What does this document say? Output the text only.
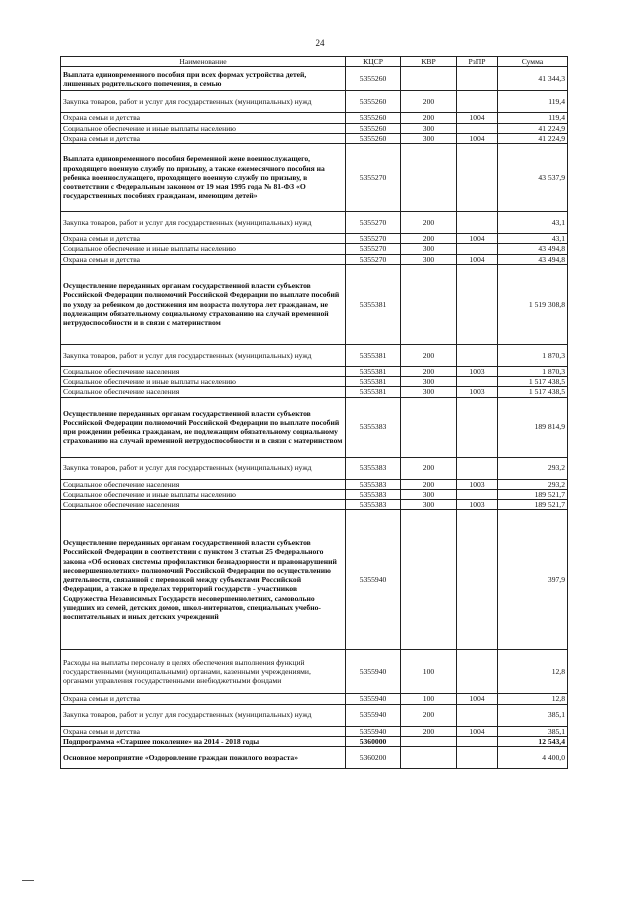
24
Наименование	КЦСР	КВР	РзПР	Сумма
Выплата единовременного пособия при всех формах устройства детей, лишенных родительского попечения, в семью	5355260			41 344,3
Закупка товаров, работ и услуг для государственных (муниципальных) нужд	5355260	200		119,4
Охрана семьи и детства	5355260	200	1004	119,4
Социальное обеспечение и иные выплаты населению	5355260	300		41 224,9
Охрана семьи и детства	5355260	300	1004	41 224,9
Выплата единовременного пособия беременной жене военнослужащего, проходящего военную службу по призыву, а также ежемесячного пособия на ребенка военнослужащего, проходящего военную службу по призыву, в соответствии с Федеральным законом от 19 мая 1995 года № 81-ФЗ «О государственных пособиях гражданам, имеющим детей»	5355270			43 537,9
Закупка товаров, работ и услуг для государственных (муниципальных) нужд	5355270	200		43,1
Охрана семьи и детства	5355270	200	1004	43,1
Социальное обеспечение и иные выплаты населению	5355270	300		43 494,8
Охрана семьи и детства	5355270	300	1004	43 494,8
Осуществление переданных органам государственной власти субъектов Российской Федерации полномочий Российской Федерации по выплате пособий по уходу за ребенком до достижения им возраста полутора лет гражданам, не подлежащим обязательному социальному страхованию на случай временной нетрудоспособности и в связи с материнством	5355381			1 519 308,8
Закупка товаров, работ и услуг для государственных (муниципальных) нужд	5355381	200		1 870,3
Социальное обеспечение населения	5355381	200	1003	1 870,3
Социальное обеспечение и иные выплаты населению	5355381	300		1 517 438,5
Социальное обеспечение населения	5355381	300	1003	1 517 438,5
Осуществление переданных органам государственной власти субъектов Российской Федерации полномочий Российской Федерации по выплате пособий при рождении ребенка гражданам, не подлежащим обязательному социальному страхованию на случай временной нетрудоспособности и в связи с материнством	5355383			189 814,9
Закупка товаров, работ и услуг для государственных (муниципальных) нужд	5355383	200		293,2
Социальное обеспечение населения	5355383	200	1003	293,2
Социальное обеспечение и иные выплаты населению	5355383	300		189 521,7
Социальное обеспечение населения	5355383	300	1003	189 521,7
Осуществление переданных органам государственной власти субъектов Российской Федерации в соответствии с пунктом 3 статьи 25 Федерального закона «Об основах системы профилактики безнадзорности и правонарушений несовершеннолетних» полномочий Российской Федерации по осуществлению деятельности, связанной с перевозкой между субъектами Российской Федерации, а также в пределах территорий государств - участников Содружества Независимых Государств несовершеннолетних, самовольно ушедших из семей, детских домов, школ-интернатов, специальных учебно-воспитательных и иных детских учреждений	5355940			397,9
Расходы на выплаты персоналу в целях обеспечения выполнения функций государственными (муниципальными) органами, казенными учреждениями, органами управления государственными внебюджетными фондами	5355940	100		12,8
Охрана семьи и детства	5355940	100	1004	12,8
Закупка товаров, работ и услуг для государственных (муниципальных) нужд	5355940	200		385,1
Охрана семьи и детства	5355940	200	1004	385,1
Подпрограмма «Старшее поколение» на 2014 - 2018 годы	5360000			12 543,4
Основное мероприятие «Оздоровление граждан пожилого возраста»	5360200			4 400,0
